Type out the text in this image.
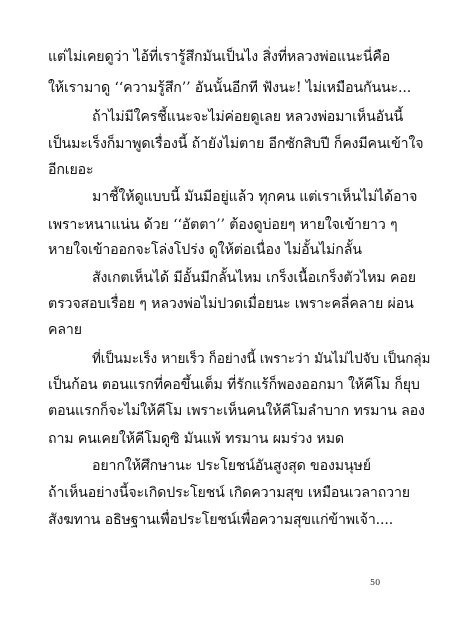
แต่ไม่เคยดูว่า ไอ้ที่เรารู้สึกมันเป็นไง สิ่งที่หลวงพ่อแนะนี่คือ
ให้เรามาดู ‘‘ความรู้สึก’’ อันนั้นอีกที ฟังนะ! ไม่เหมือนกันนะ...
ถ้าไม่มีใครชี้แนะจะไม่ค่อยดูเลย หลวงพ่อมาเห็นอันนี้
เป็นมะเร็งก็มาพูดเรื่องนี้ ถ้ายังไม่ตาย อีกซักสิบปี ก็คงมีคนเข้าใจ
อีกเยอะ
มาชี้ให้ดูแบบนี้ มันมีอยู่แล้ว ทุกคน แต่เราเห็นไม่ได้อาจ
เพราะหนาแน่น ด้วย ‘‘อัตตา’’ ต้องดูบ่อยๆ หายใจเข้ายาว ๆ
หายใจเข้าออกจะโล่งโปร่ง ดูให้ต่อเนื่อง ไม่อั้นไม่กลั้น
สังเกตเห็นได้ มีอั้นมีกลั้นไหม เกร็งเนื้อเกร็งตัวไหม คอย
ตรวจสอบเรื่อย ๆ หลวงพ่อไม่ปวดเมื่อยนะ เพราะคลี่คลาย ผ่อน
คลาย
ที่เป็นมะเร็ง หายเร็ว ก็อย่างนี้ เพราะว่า มันไม่ไปจับ เป็นกลุ่ม
เป็นก้อน ตอนแรกที่คอขึ้นเต็ม ที่รักแร้ก็พองออกมา ให้คีโม ก็ยุบ
ตอนแรกก็จะไม่ให้คีโม เพราะเห็นคนให้คีโมลำบาก ทรมาน ลอง
ถาม คนเคยให้คีโมดูซิ มันแพ้ ทรมาน ผมร่วง หมด
อยากให้ศึกษานะ ประโยชน์อันสูงสุด ของมนุษย์
ถ้าเห็นอย่างนี้จะเกิดประโยชน์ เกิดความสุข เหมือนเวลาถวาย
สังฆทาน อธิษฐานเพื่อประโยชน์เพื่อความสุขแก่ข้าพเจ้า....
50
